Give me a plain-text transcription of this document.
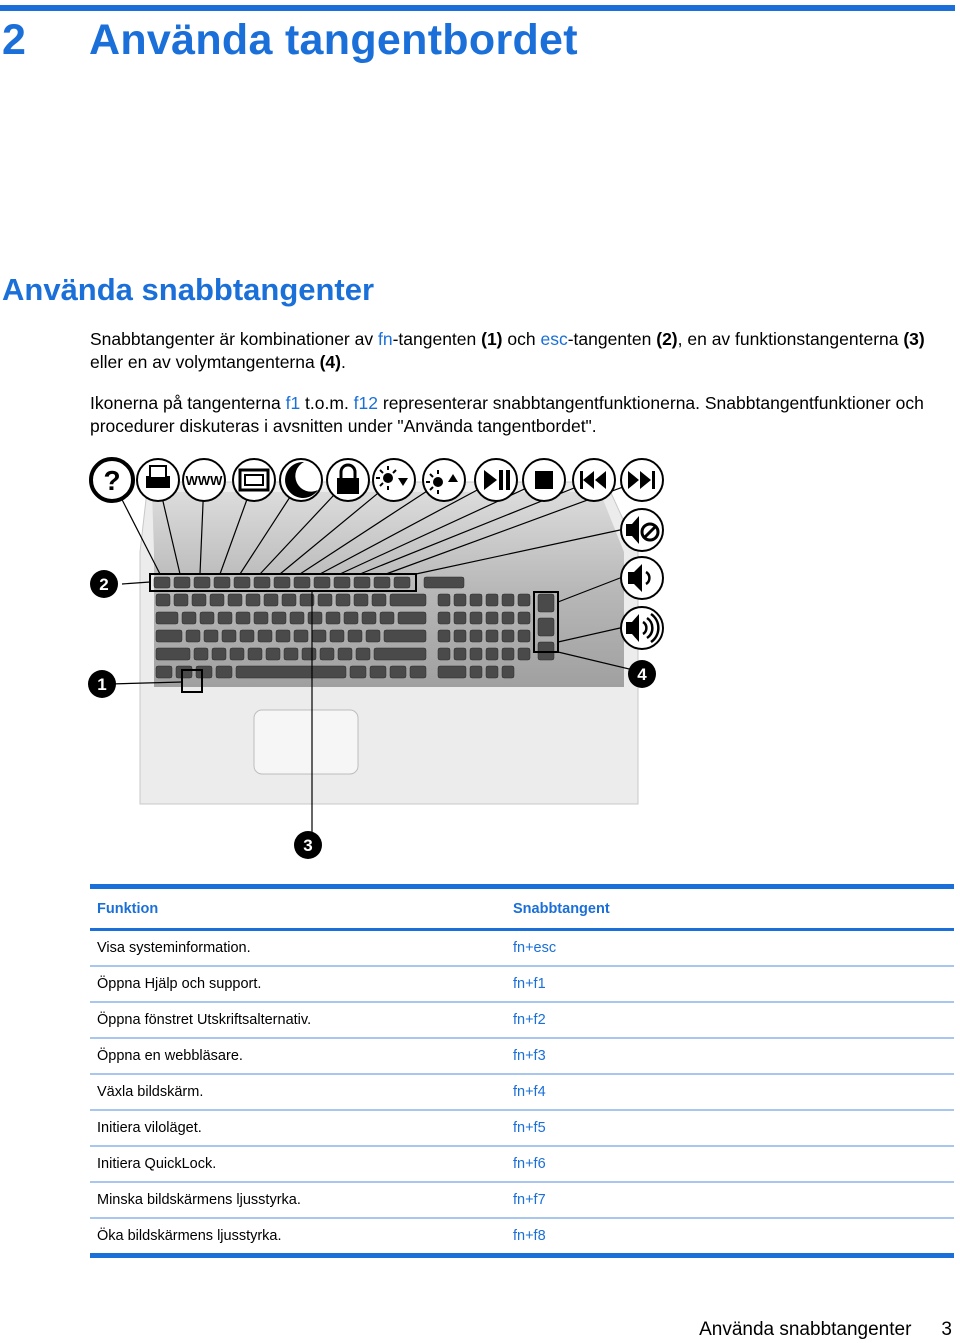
2 Använda tangentbordet
Använda snabbtangenter

Snabbtangenter är kombinationer av fn-tangenten (1) och esc-tangenten (2), en av funktionstangenterna (3) eller en av volymtangenterna (4).

Ikonerna på tangenterna f1 t.o.m. f12 representerar snabbtangentfunktionerna. Snabbtangentfunktioner och procedurer diskuteras i avsnitten under "Använda tangentbordet".

?	WWW
2
1
4
3
Funktion	Snabbtangent
Visa systeminformation.	fn+esc
Öppna Hjälp och support.	fn+f1
Öppna fönstret Utskriftsalternativ.	fn+f2
Öppna en webbläsare.	fn+f3
Växla bildskärm.	fn+f4
Initiera viloläget.	fn+f5
Initiera QuickLock.	fn+f6
Minska bildskärmens ljusstyrka.	fn+f7
Öka bildskärmens ljusstyrka.	fn+f8
Använda snabbtangenter 3
